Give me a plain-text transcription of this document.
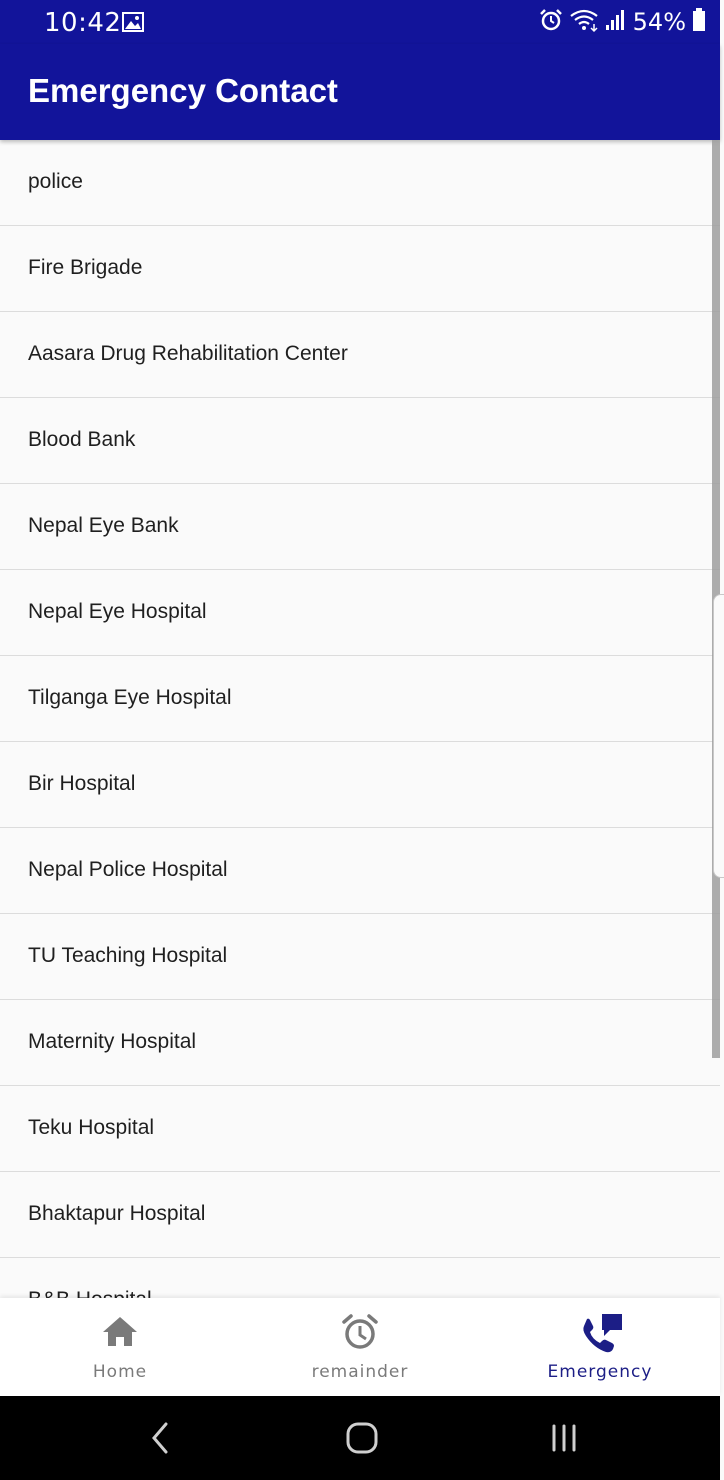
10:42	54%
Emergency Contact
police
Fire Brigade
Aasara Drug Rehabilitation Center
Blood Bank
Nepal Eye Bank
Nepal Eye Hospital
Tilganga Eye Hospital
Bir Hospital
Nepal Police Hospital
TU Teaching Hospital
Maternity Hospital
Teku Hospital
Bhaktapur Hospital
Home	remainder	Emergency
